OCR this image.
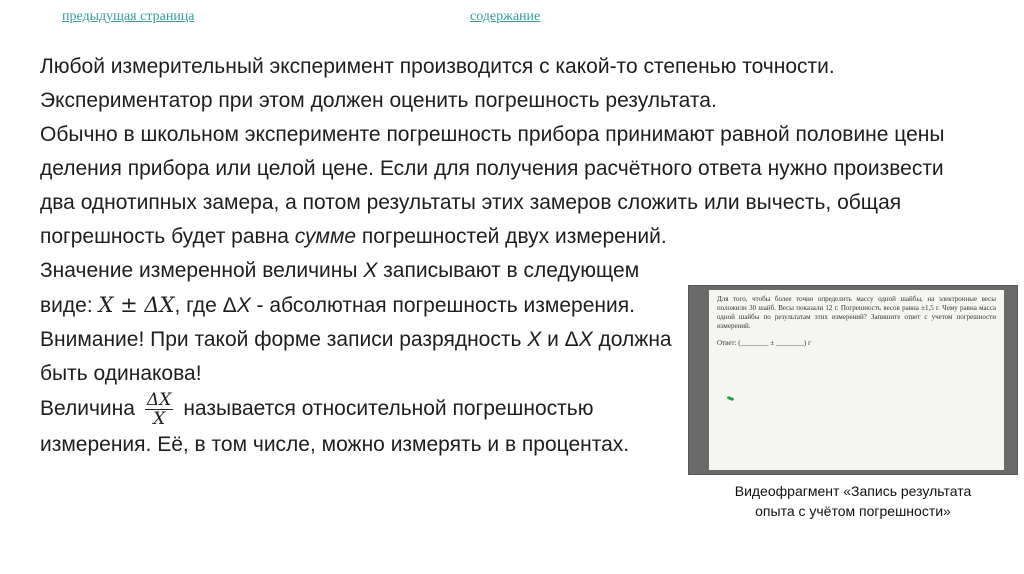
предыдущая страница	содержание

Любой измерительный эксперимент производится с какой-то степенью точности. Экспериментатор при этом должен оценить погрешность результата.

Обычно в школьном эксперименте погрешность прибора принимают равной половине цены деления прибора или целой цене. Если для получения расчётного ответа нужно произвести два однотипных замера, а потом результаты этих замеров сложить или вычесть, общая погрешность будет равна сумме погрешностей двух измерений.

Значение измеренной величины X записывают в следующем виде: X ± ΔX, где ΔX - абсолютная погрешность измерения.

Внимание! При такой форме записи разрядность X и ΔX должна быть одинакова!

Величина $\frac{\Delta X}{X}$ называется относительной погрешностью измерения. Её, в том числе, можно измерять и в процентах.

Для того, чтобы более точно определить массу одной шайбы, на электронные весы положили 30 шайб. Весы показали 12 г. Погрешность весов равна ±1,5 г. Чему равна масса одной шайбы по результатам этих измерений? Запишите ответ с учетом погрешности измерений.

Ответ: (________ ± ________) г
Видеофрагмент «Запись результата
опыта с учётом погрешности»
